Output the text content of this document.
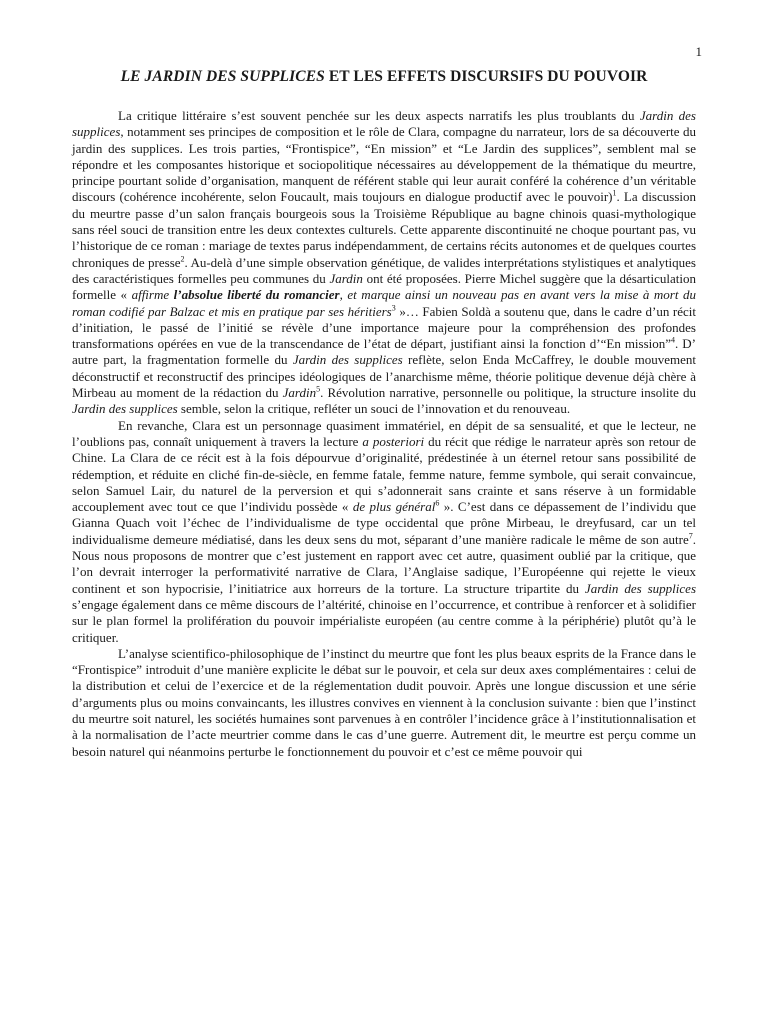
1
LE JARDIN DES SUPPLICES ET LES EFFETS DISCURSIFS DU POUVOIR

La critique littéraire s’est souvent penchée sur les deux aspects narratifs les plus troublants du Jardin des supplices, notamment ses principes de composition et le rôle de Clara, compagne du narrateur, lors de sa découverte du jardin des supplices. Les trois parties, “Frontispice”, “En mission” et “Le Jardin des supplices”, semblent mal se répondre et les composantes historique et sociopolitique nécessaires au développement de la thématique du meurtre, principe pourtant solide d’organisation, manquent de référent stable qui leur aurait conféré la cohérence d’un véritable discours (cohérence incohérente, selon Foucault, mais toujours en dialogue productif avec le pouvoir)$^1$. La discussion du meurtre passe d’un salon français bourgeois sous la Troisième République au bagne chinois quasi-mythologique sans réel souci de transition entre les deux contextes culturels. Cette apparente discontinuité ne choque pourtant pas, vu l’historique de ce roman : mariage de textes parus indépendamment, de certains récits autonomes et de quelques courtes chroniques de presse$^2$. Au-delà d’une simple observation génétique, de valides interprétations stylistiques et analytiques des caractéristiques formelles peu communes du Jardin ont été proposées. Pierre Michel suggère que la désarticulation formelle « affirme l’absolue liberté du romancier, et marque ainsi un nouveau pas en avant vers la mise à mort du roman codifié par Balzac et mis en pratique par ses héritiers$^3$ »… Fabien Soldà a soutenu que, dans le cadre d’un récit d’initiation, le passé de l’initié se révèle d’une importance majeure pour la compréhension des profondes transformations opérées en vue de la transcendance de l’état de départ, justifiant ainsi la fonction d’“En mission”$^4$. D’ autre part, la fragmentation formelle du Jardin des supplices reflète, selon Enda McCaffrey, le double mouvement déconstructif et reconstructif des principes idéologiques de l’anarchisme même, théorie politique devenue déjà chère à Mirbeau au moment de la rédaction du Jardin$^5$. Révolution narrative, personnelle ou politique, la structure insolite du Jardin des supplices semble, selon la critique, refléter un souci de l’innovation et du renouveau.

En revanche, Clara est un personnage quasiment immatériel, en dépit de sa sensualité, et que le lecteur, ne l’oublions pas, connaît uniquement à travers la lecture a posteriori du récit que rédige le narrateur après son retour de Chine. La Clara de ce récit est à la fois dépourvue d’originalité, prédestinée à un éternel retour sans possibilité de rédemption, et réduite en cliché fin-de-siècle, en femme fatale, femme nature, femme symbole, qui serait convaincue, selon Samuel Lair, du naturel de la perversion et qui s’adonnerait sans crainte et sans réserve à un formidable accouplement avec tout ce que l’individu possède « de plus général$^6$ ». C’est dans ce dépassement de l’individu que Gianna Quach voit l’échec de l’individualisme de type occidental que prône Mirbeau, le dreyfusard, car un tel individualisme demeure médiatisé, dans les deux sens du mot, séparant d’une manière radicale le même de son autre$^7$. Nous nous proposons de montrer que c’est justement en rapport avec cet autre, quasiment oublié par la critique, que l’on devrait interroger la performativité narrative de Clara, l’Anglaise sadique, l’Européenne qui rejette le vieux continent et son hypocrisie, l’initiatrice aux horreurs de la torture. La structure tripartite du Jardin des supplices s’engage également dans ce même discours de l’altérité, chinoise en l’occurrence, et contribue à renforcer et à solidifier sur le plan formel la prolifération du pouvoir impérialiste européen (au centre comme à la périphérie) plutôt qu’à le critiquer.

L’analyse scientifico-philosophique de l’instinct du meurtre que font les plus beaux esprits de la France dans le “Frontispice” introduit d’une manière explicite le débat sur le pouvoir, et cela sur deux axes complémentaires : celui de la distribution et celui de l’exercice et de la réglementation dudit pouvoir. Après une longue discussion et une série d’arguments plus ou moins convaincants, les illustres convives en viennent à la conclusion suivante : bien que l’instinct du meurtre soit naturel, les sociétés humaines sont parvenues à en contrôler l’incidence grâce à l’institutionnalisation et à la normalisation de l’acte meurtrier comme dans le cas d’une guerre. Autrement dit, le meurtre est perçu comme un besoin naturel qui néanmoins perturbe le fonctionnement du pouvoir et c’est ce même pouvoir qui
